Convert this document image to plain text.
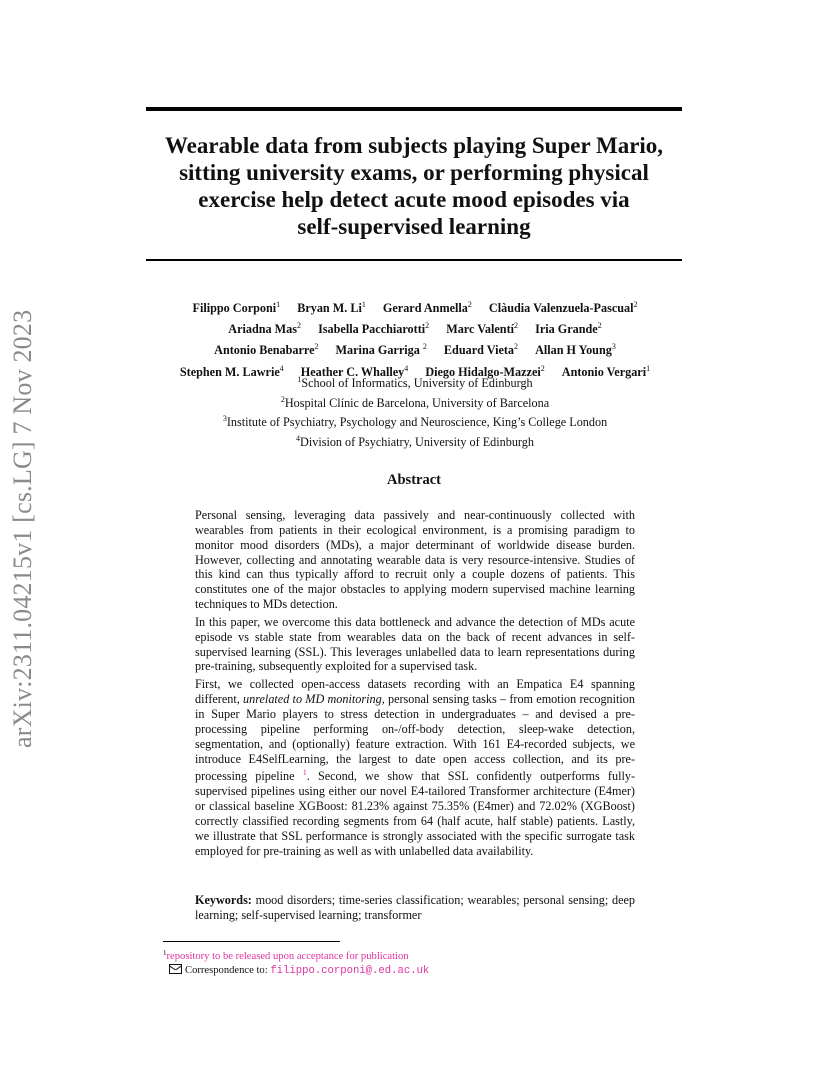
arXiv:2311.04215v1 [cs.LG] 7 Nov 2023
Wearable data from subjects playing Super Mario,
sitting university exams, or performing physical
exercise help detect acute mood episodes via
self-supervised learning
Filippo Corponi$^1$ Bryan M. Li$^1$ Gerard Anmella$^2$ Clàudia Valenzuela-Pascual$^2$
Ariadna Mas$^2$ Isabella Pacchiarotti$^2$ Marc Valentí$^2$ Iria Grande$^2$
Antonio Benabarre$^2$ Marina Garriga $^2$ Eduard Vieta$^2$ Allan H Young$^3$
Stephen M. Lawrie$^4$ Heather C. Whalley$^4$ Diego Hidalgo-Mazzei$^2$ Antonio Vergari$^1$
$^1$School of Informatics, University of Edinburgh
$^2$Hospital Clínic de Barcelona, University of Barcelona
$^3$Institute of Psychiatry, Psychology and Neuroscience, King’s College London
$^4$Division of Psychiatry, University of Edinburgh
Abstract

Personal sensing, leveraging data passively and near-continuously collected with wearables from patients in their ecological environment, is a promising paradigm to monitor mood disorders (MDs), a major determinant of worldwide disease burden. However, collecting and annotating wearable data is very resource-intensive. Studies of this kind can thus typically afford to recruit only a couple dozens of patients. This constitutes one of the major obstacles to applying modern supervised machine learning techniques to MDs detection.

In this paper, we overcome this data bottleneck and advance the detection of MDs acute episode vs stable state from wearables data on the back of recent advances in self-supervised learning (SSL). This leverages unlabelled data to learn representations during pre-training, subsequently exploited for a supervised task.

First, we collected open-access datasets recording with an Empatica E4 spanning different, unrelated to MD monitoring, personal sensing tasks – from emotion recognition in Super Mario players to stress detection in undergraduates – and devised a pre-processing pipeline performing on-/off-body detection, sleep-wake detection, segmentation, and (optionally) feature extraction. With 161 E4-recorded subjects, we introduce E4SelfLearning, the largest to date open access collection, and its pre-processing pipeline $^1$. Second, we show that SSL confidently outperforms fully-supervised pipelines using either our novel E4-tailored Transformer architecture (E4mer) or classical baseline XGBoost: 81.23% against 75.35% (E4mer) and 72.02% (XGBoost) correctly classified recording segments from 64 (half acute, half stable) patients. Lastly, we illustrate that SSL performance is strongly associated with the specific surrogate task employed for pre-training as well as with unlabelled data availability.

Keywords: mood disorders; time-series classification; wearables; personal sensing; deep learning; self-supervised learning; transformer
$^1$repository to be released upon acceptance for publication
Correspondence to: filippo.corponi@.ed.ac.uk
